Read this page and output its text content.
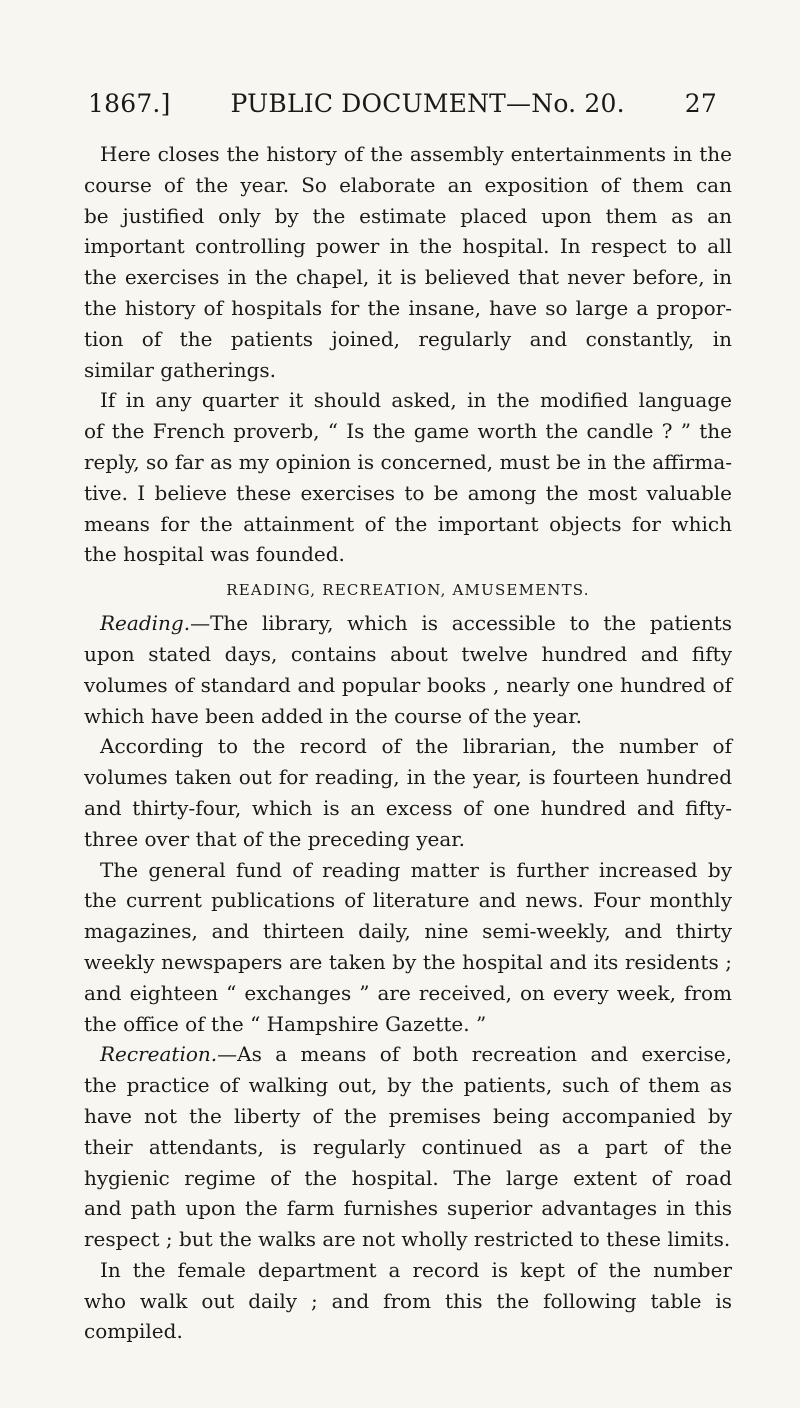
1867.] PUBLIC DOCUMENT—No. 20. 27

Here closes the history of the assembly entertainments in the
course of the year. So elaborate an exposition of them can
be justified only by the estimate placed upon them as an
important controlling power in the hospital. In respect to all
the exercises in the chapel, it is believed that never before, in
the history of hospitals for the insane, have so large a propor-
tion of the patients joined, regularly and constantly, in
similar gatherings.

If in any quarter it should asked, in the modified language
of the French proverb, “ Is the game worth the candle ? ” the
reply, so far as my opinion is concerned, must be in the affirma-
tive. I believe these exercises to be among the most valuable
means for the attainment of the important objects for which
the hospital was founded.

READING, RECREATION, AMUSEMENTS.

Reading.—The library, which is accessible to the patients
upon stated days, contains about twelve hundred and fifty
volumes of standard and popular books , nearly one hundred of
which have been added in the course of the year.

According to the record of the librarian, the number of
volumes taken out for reading, in the year, is fourteen hundred
and thirty-four, which is an excess of one hundred and fifty-
three over that of the preceding year.

The general fund of reading matter is further increased by
the current publications of literature and news. Four monthly
magazines, and thirteen daily, nine semi-weekly, and thirty
weekly newspapers are taken by the hospital and its residents ;
and eighteen “ exchanges ” are received, on every week, from
the office of the “ Hampshire Gazette. ”

Recreation.—As a means of both recreation and exercise,
the practice of walking out, by the patients, such of them as
have not the liberty of the premises being accompanied by
their attendants, is regularly continued as a part of the
hygienic regime of the hospital. The large extent of road
and path upon the farm furnishes superior advantages in this
respect ; but the walks are not wholly restricted to these limits.

In the female department a record is kept of the number
who walk out daily ; and from this the following table is
compiled.
